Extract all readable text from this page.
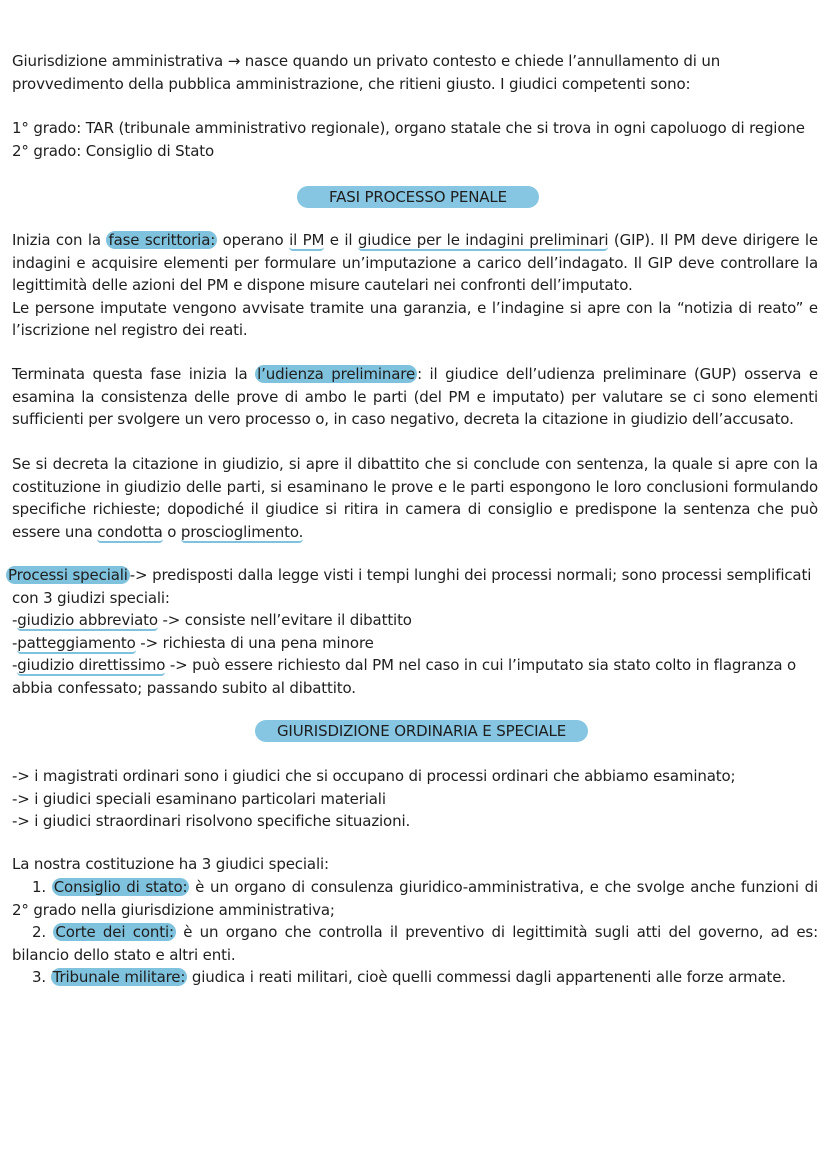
Giurisdizione amministrativa → nasce quando un privato contesto e chiede l’annullamento di un
provvedimento della pubblica amministrazione, che ritieni giusto. I giudici competenti sono:

1° grado: TAR (tribunale amministrativo regionale), organo statale che si trova in ogni capoluogo di regione
2° grado: Consiglio di Stato

FASI PROCESSO PENALE

Inizia con la fase scrittoria: operano il PM e il giudice per le indagini preliminari (GIP). Il PM deve dirigere le indagini e acquisire elementi per formulare un’imputazione a carico dell’indagato. Il GIP deve controllare la legittimità delle azioni del PM e dispone misure cautelari nei confronti dell’imputato.
Le persone imputate vengono avvisate tramite una garanzia, e l’indagine si apre con la “notizia di reato” e l’iscrizione nel registro dei reati.

Terminata questa fase inizia la l’udienza preliminare : il giudice dell’udienza preliminare (GUP) osserva e esamina la consistenza delle prove di ambo le parti (del PM e imputato) per valutare se ci sono elementi sufficienti per svolgere un vero processo o, in caso negativo, decreta la citazione in giudizio dell’accusato.

Se si decreta la citazione in giudizio, si apre il dibattito che si conclude con sentenza, la quale si apre con la costituzione in giudizio delle parti, si esaminano le prove e le parti espongono le loro conclusioni formulando specifiche richieste; dopodiché il giudice si ritira in camera di consiglio e predispone la sentenza che può essere una condotta o proscioglimento.

Processi speciali -> predisposti dalla legge visti i tempi lunghi dei processi normali; sono processi semplificati con 3 giudizi speciali:
-giudizio abbreviato -> consiste nell’evitare il dibattito
-patteggiamento -> richiesta di una pena minore
-giudizio direttissimo -> può essere richiesto dal PM nel caso in cui l’imputato sia stato colto in flagranza o abbia confessato; passando subito al dibattito.

GIURISDIZIONE ORDINARIA E SPECIALE

-> i magistrati ordinari sono i giudici che si occupano di processi ordinari che abbiamo esaminato;
-> i giudici speciali esaminano particolari materiali
-> i giudici straordinari risolvono specifiche situazioni.

La nostra costituzione ha 3 giudici speciali:

1. Consiglio di stato: è un organo di consulenza giuridico-amministrativa, e che svolge anche funzioni di 2° grado nella giurisdizione amministrativa;
2. Corte dei conti: è un organo che controlla il preventivo di legittimità sugli atti del governo, ad es: bilancio dello stato e altri enti.
3. Tribunale militare: giudica i reati militari, cioè quelli commessi dagli appartenenti alle forze armate.
